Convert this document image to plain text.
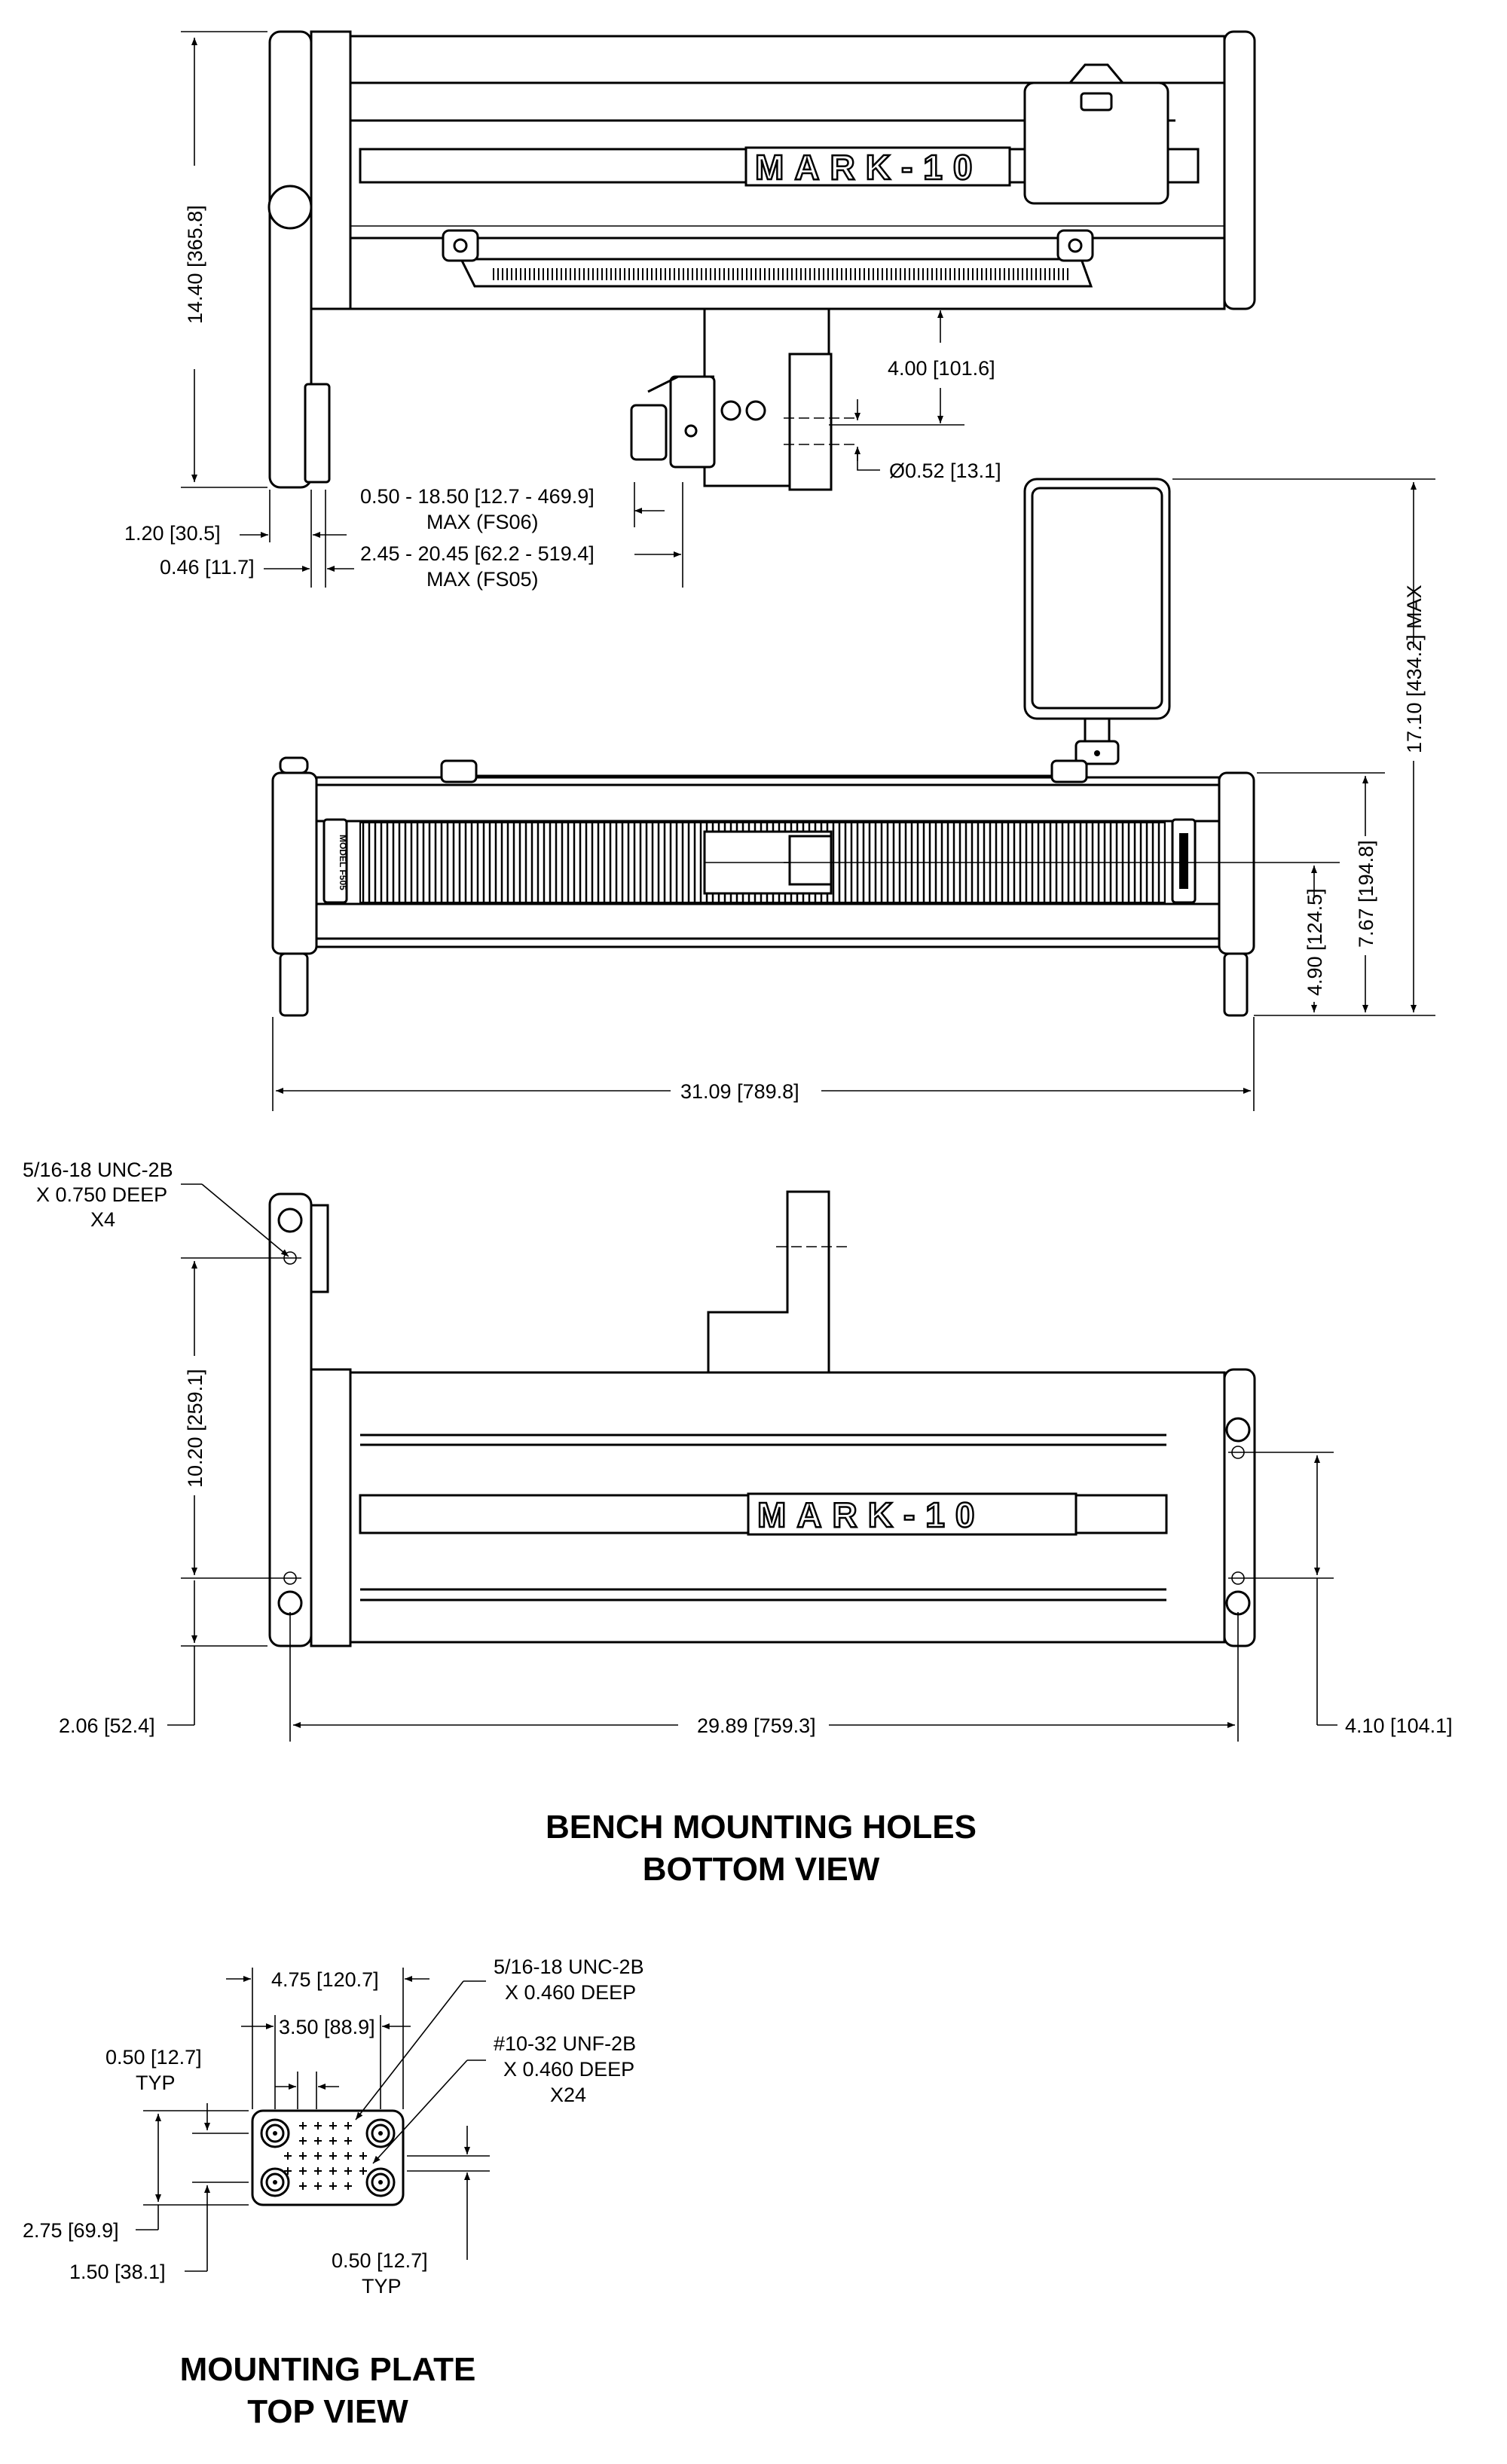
MARK-10
14.40 [365.8]
4.00 [101.6]
Ø0.52 [13.1]
0.50 - 18.50 [12.7 - 469.9]
MAX (FS06)
2.45 - 20.45 [62.2 - 519.4]
MAX (FS05)
1.20 [30.5]
0.46 [11.7]
MODEL F505
17.10 [434.2] MAX
7.67 [194.8]
4.90 [124.5]
31.09 [789.8]
MARK-10
5/16-18 UNC-2B
X 0.750 DEEP
X4
10.20 [259.1]
2.06 [52.4]	29.89 [759.3]	4.10 [104.1]
BENCH MOUNTING HOLES
BOTTOM VIEW
4.75 [120.7]
3.50 [88.9]
0.50 [12.7]
TYP
2.75 [69.9]
1.50 [38.1]	0.50 [12.7]
TYP
5/16-18 UNC-2B
X 0.460 DEEP
#10-32 UNF-2B
X 0.460 DEEP
X24
MOUNTING PLATE
TOP VIEW
